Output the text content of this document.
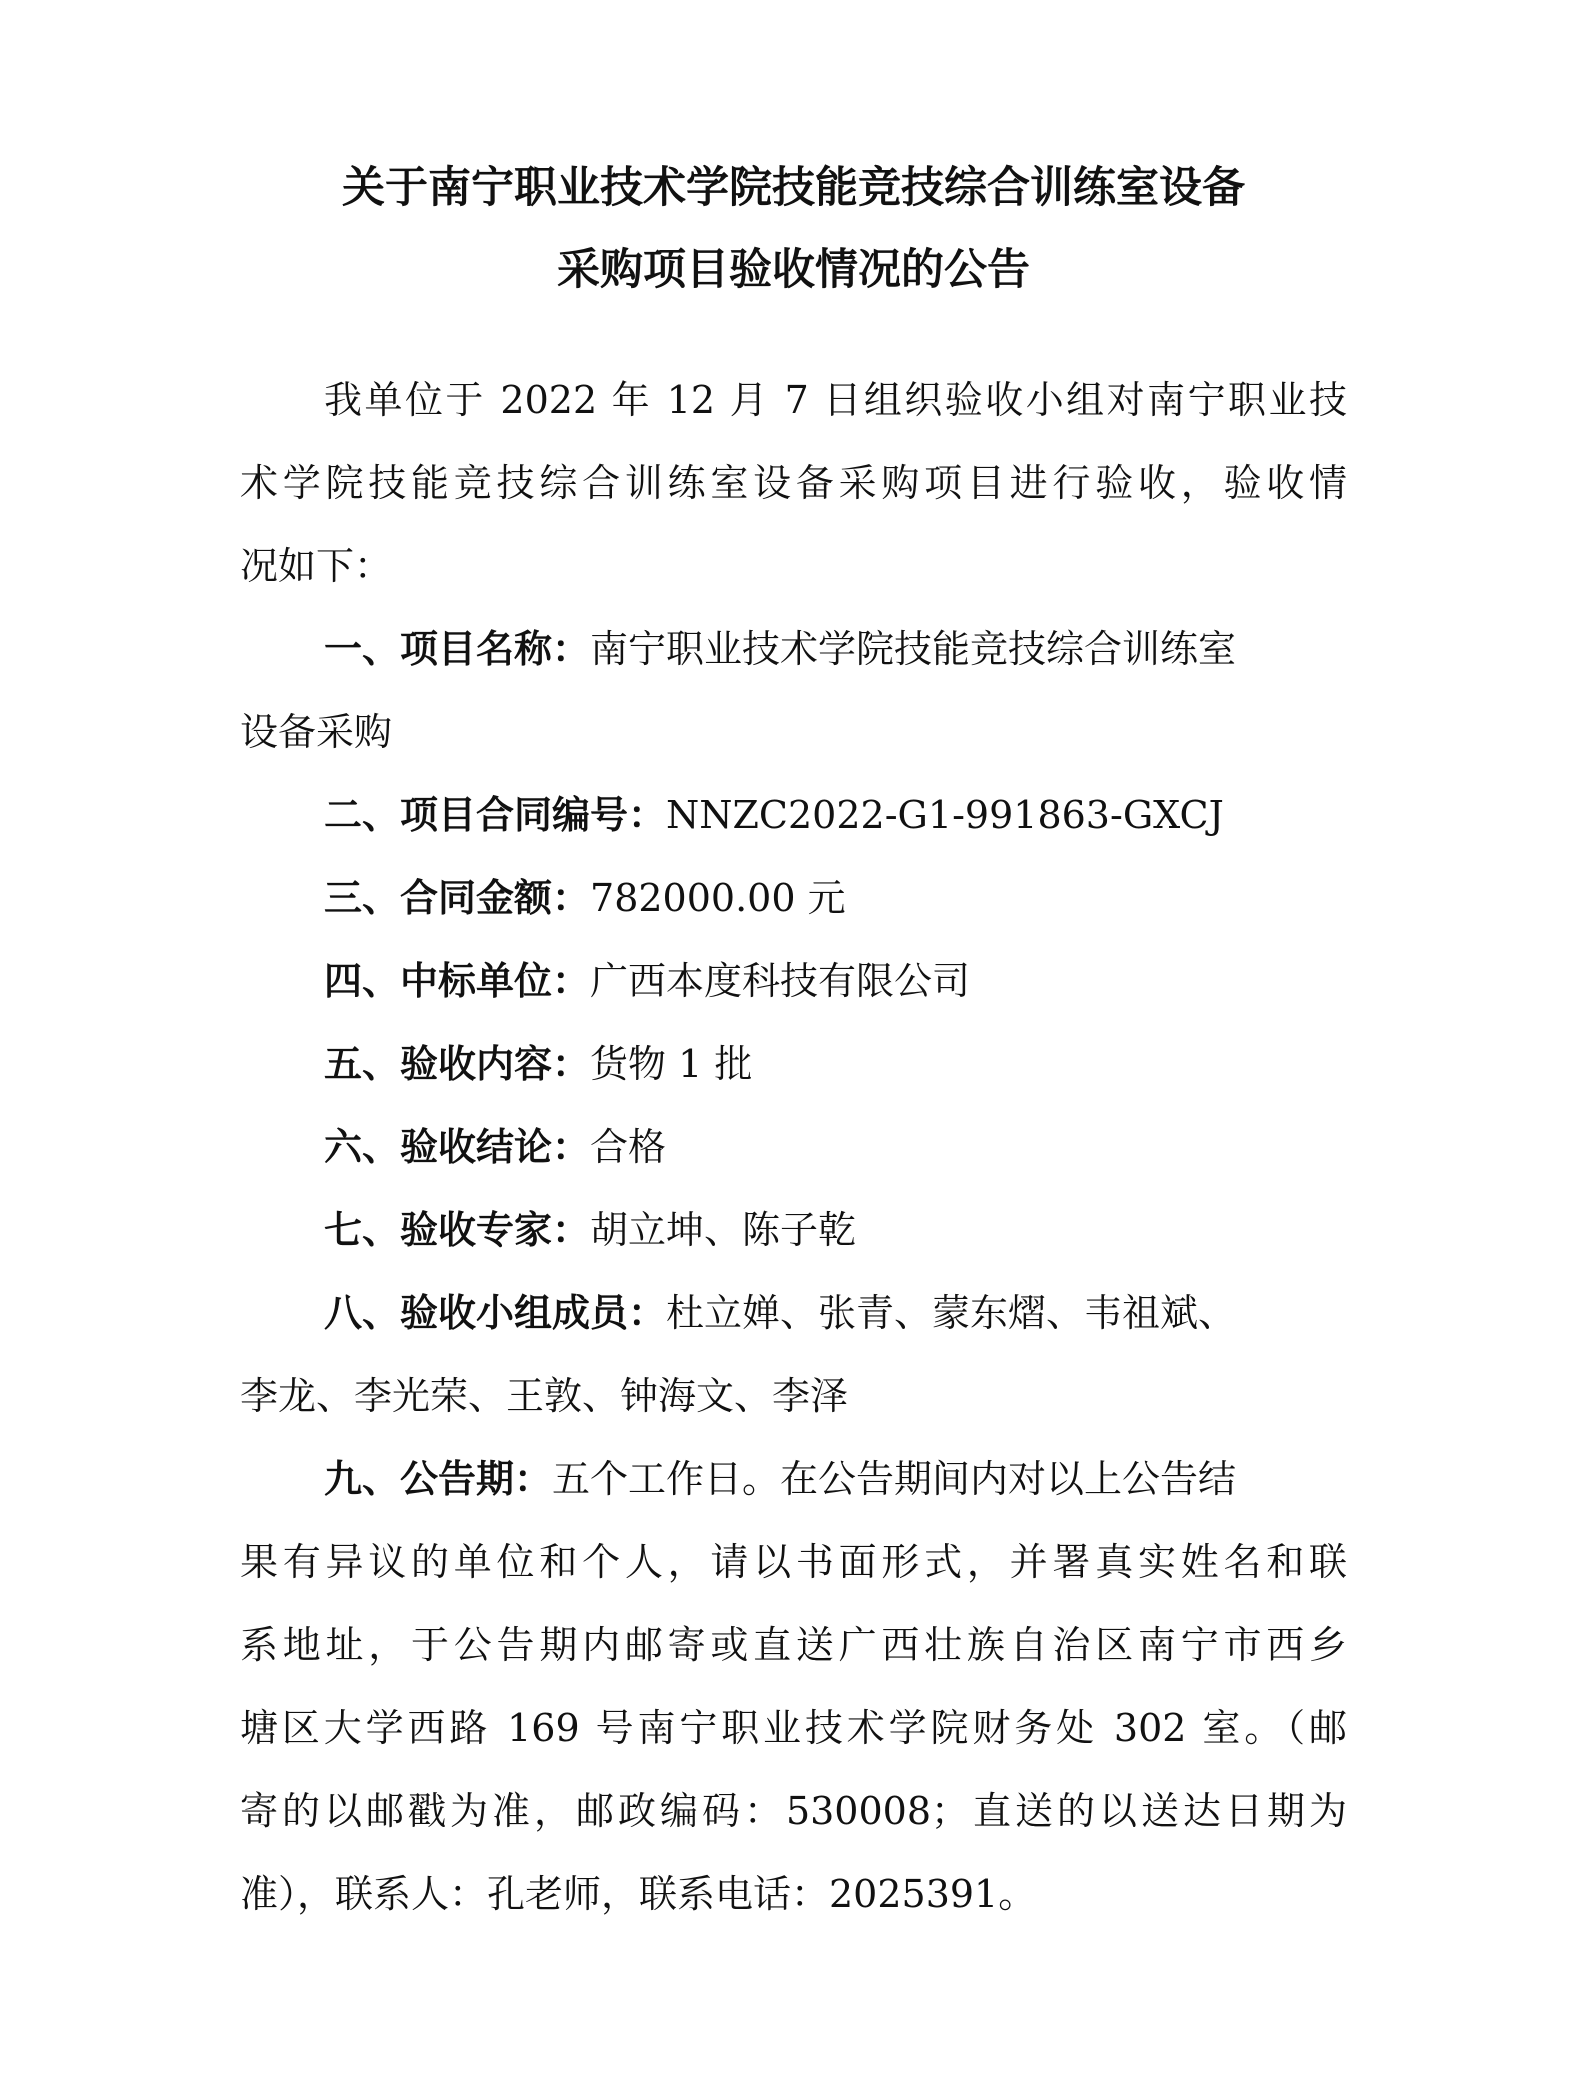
关于南宁职业技术学院技能竞技综合训练室设备
采购项目验收情况的公告
我单位于 2022 年 12 月 7 日组织验收小组对南宁职业技
术学院技能竞技综合训练室设备采购项目进行验收，验收情
况如下：
一、项目名称：南宁职业技术学院技能竞技综合训练室
设备采购
二、项目合同编号：NNZC2022-G1-991863-GXCJ
三、合同金额：782000.00 元
四、中标单位：广西本度科技有限公司
五、验收内容：货物 1 批
六、验收结论：合格
七、验收专家：胡立坤、陈子乾
八、验收小组成员：杜立婵、张青、蒙东熠、韦祖斌、
李龙、李光荣、王敦、钟海文、李泽
九、公告期：五个工作日。在公告期间内对以上公告结
果有异议的单位和个人，请以书面形式，并署真实姓名和联
系地址，于公告期内邮寄或直送广西壮族自治区南宁市西乡
塘区大学西路 169 号南宁职业技术学院财务处 302 室。（邮
寄的以邮戳为准，邮政编码：530008；直送的以送达日期为
准），联系人：孔老师，联系电话：2025391。
